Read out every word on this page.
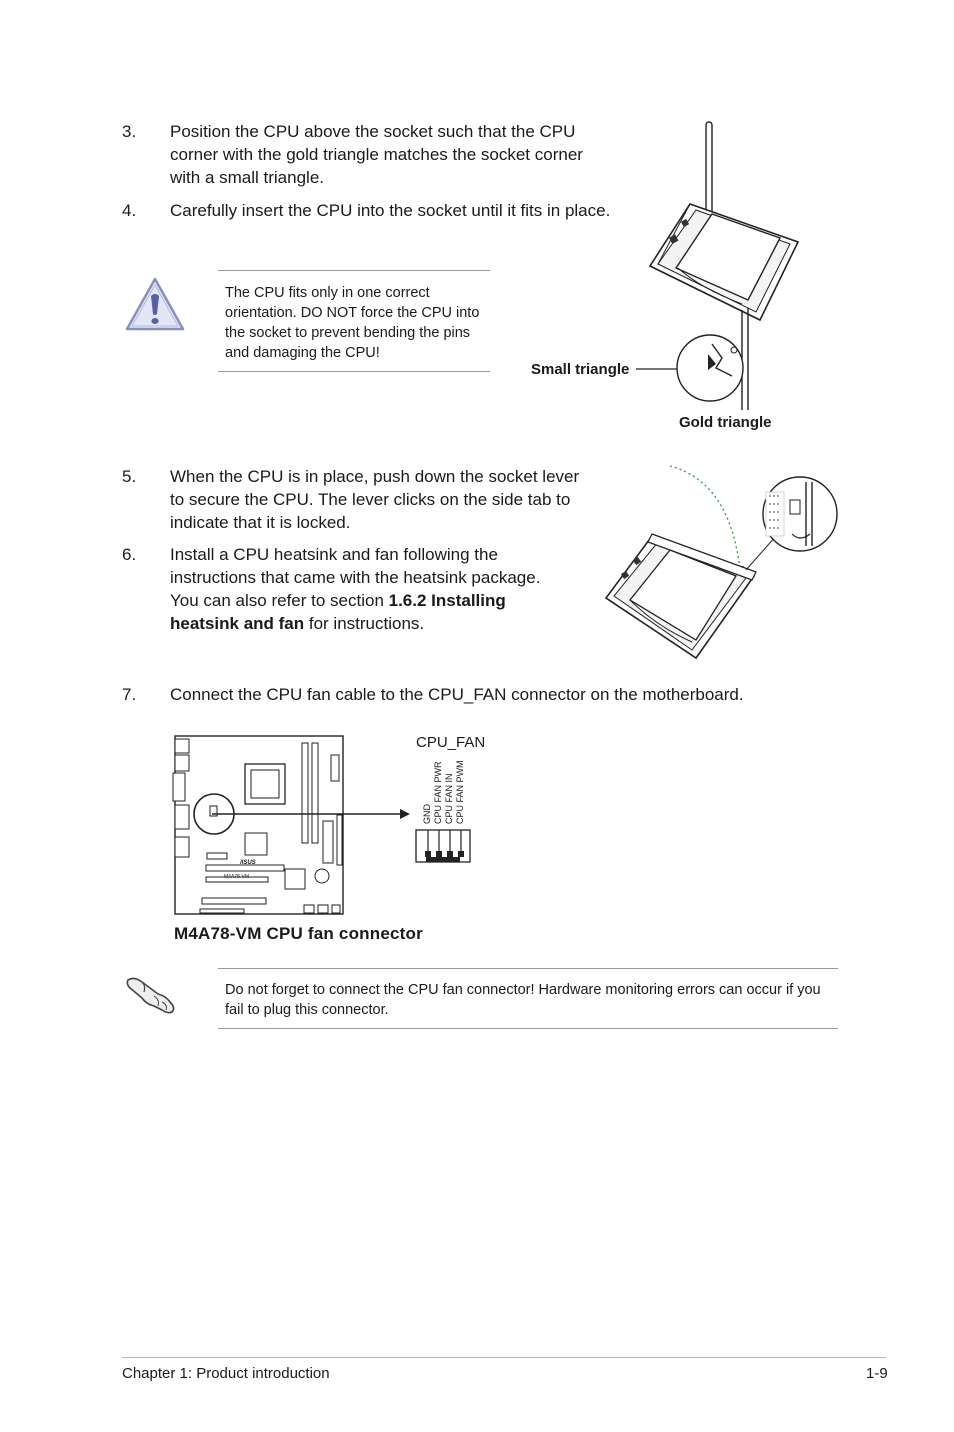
3. Position the CPU above the socket such that the CPU corner with the gold triangle matches the socket corner with a small triangle.
4. Carefully insert the CPU into the socket until it fits in place.
The CPU fits only in one correct orientation. DO NOT force the CPU into the socket to prevent bending the pins and damaging the CPU!
Small triangle
Gold triangle
5. When the CPU is in place, push down the socket lever to secure the CPU. The lever clicks on the side tab to indicate that it is locked.
6. Install a CPU heatsink and fan following the instructions that came with the heatsink package. You can also refer to section 1.6.2 Installing heatsink and fan for instructions.
7. Connect the CPU fan cable to the CPU_FAN connector on the motherboard.
/ISUS
M4A78-VM
CPU_FAN
GND CPU FAN PWR CPU FAN IN CPU FAN PWM
M4A78-VM CPU fan connector
Do not forget to connect the CPU fan connector! Hardware monitoring errors can occur if you fail to plug this connector.
Chapter 1: Product introduction	1-9
